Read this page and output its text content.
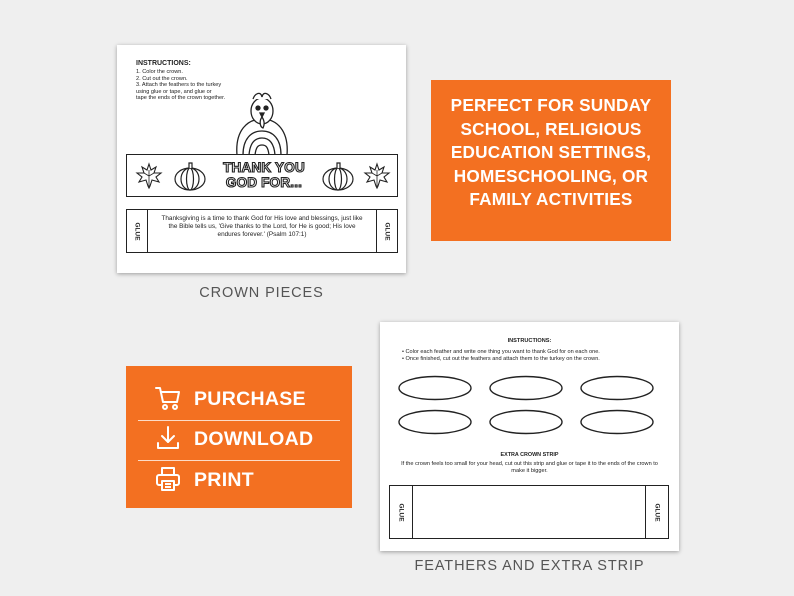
INSTRUCTIONS:
1. Color the crown.
2. Cut out the crown.
3. Attach the feathers to the turkey
using glue or tape, and glue or
tape the ends of the crown together.
THANK YOU
GOD FOR...
GLUE
Thanksgiving is a time to thank God for His love and blessings, just like the Bible tells us, 'Give thanks to the Lord, for He is good; His love endures forever.' (Psalm 107:1)	GLUE
CROWN PIECES
PERFECT FOR SUNDAY
SCHOOL, RELIGIOUS
EDUCATION SETTINGS,
HOMESCHOOLING, OR
FAMILY ACTIVITIES
PURCHASE
DOWNLOAD
PRINT
INSTRUCTIONS:
• Color each feather and write one thing you want to thank God for on each one.
• Once finished, cut out the feathers and attach them to the turkey on the crown.
EXTRA CROWN STRIP
If the crown feels too small for your head, cut out this strip and glue or tape it to the ends of the crown to make it bigger.
GLUE	GLUE
FEATHERS AND EXTRA STRIP
